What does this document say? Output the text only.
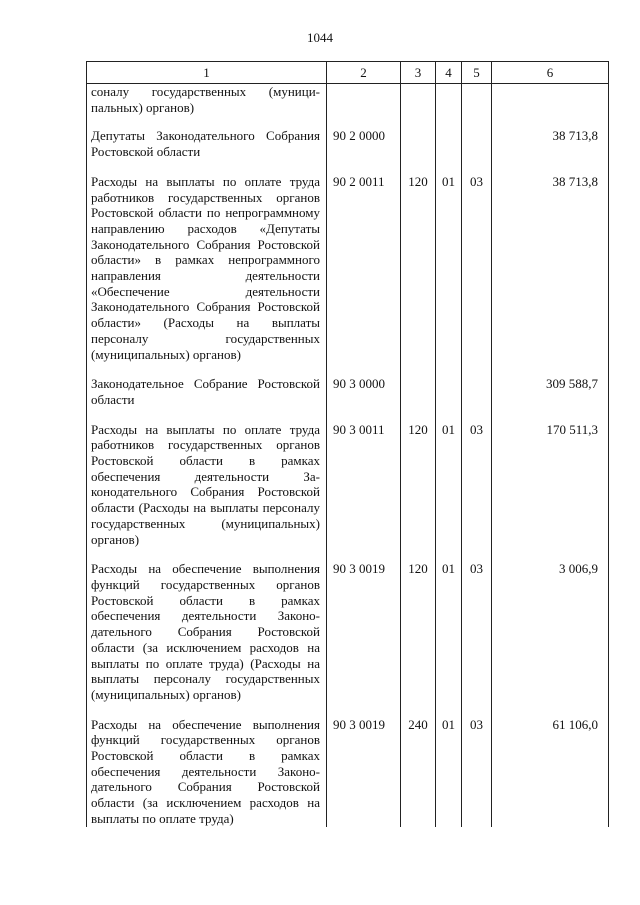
1044
1	2	3	4	5	6
соналу государственных (муниципальных) органов)					
Депутаты Законодательного Собрания Ростовской области	90 2 0000				38 713,8
Расходы на выплаты по оплате труда работников государственных органов Ростовской области по непрограммному направлению расходов «Депутаты Законодательного Собрания Ростовской области» в рамках непрограммного направления деятельности «Обеспечение деятельности Законодательного Собрания Ростовской области» (Расходы на выплаты персоналу государственных (муниципальных) органов)	90 2 0011	120	01	03	38 713,8
Законодательное Собрание Ростовской области	90 3 0000				309 588,7
Расходы на выплаты по оплате труда работников государственных органов Ростовской области в рамках обеспечения деятельности Законодательного Собрания Ростовской области (Расходы на выплаты персоналу государственных (муниципальных) органов)	90 3 0011	120	01	03	170 511,3
Расходы на обеспечение выполнения функций государственных органов Ростовской области в рамках обеспечения деятельности Законодательного Собрания Ростовской области (за исключением расходов на выплаты по оплате труда) (Расходы на выплаты персоналу государственных (муниципальных) органов)	90 3 0019	120	01	03	3 006,9
Расходы на обеспечение выполнения функций государственных органов Ростовской области в рамках обеспечения деятельности Законодательного Собрания Ростовской области (за исключением расходов на выплаты по оплате труда)	90 3 0019	240	01	03	61 106,0
